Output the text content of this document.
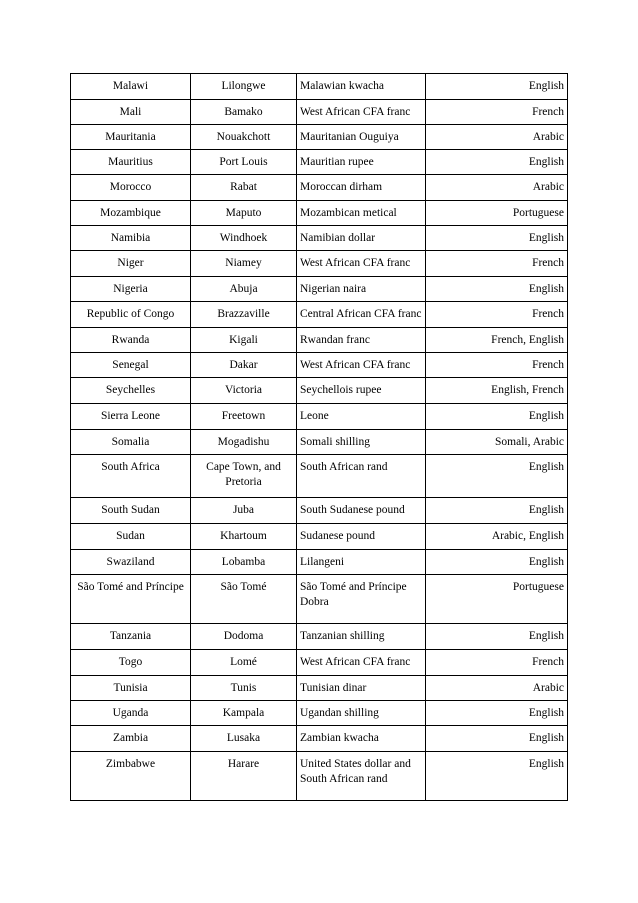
Malawi	Lilongwe	Malawian kwacha	English
Mali	Bamako	West African CFA franc	French
Mauritania	Nouakchott	Mauritanian Ouguiya	Arabic
Mauritius	Port Louis	Mauritian rupee	English
Morocco	Rabat	Moroccan dirham	Arabic
Mozambique	Maputo	Mozambican metical	Portuguese
Namibia	Windhoek	Namibian dollar	English
Niger	Niamey	West African CFA franc	French
Nigeria	Abuja	Nigerian naira	English
Republic of Congo	Brazzaville	Central African CFA franc	French
Rwanda	Kigali	Rwandan franc	French, English
Senegal	Dakar	West African CFA franc	French
Seychelles	Victoria	Seychellois rupee	English, French
Sierra Leone	Freetown	Leone	English
Somalia	Mogadishu	Somali shilling	Somali, Arabic
South Africa	Cape Town, and Pretoria	South African rand	English
South Sudan	Juba	South Sudanese pound	English
Sudan	Khartoum	Sudanese pound	Arabic, English
Swaziland	Lobamba	Lilangeni	English
São Tomé and Príncipe	São Tomé	São Tomé and Príncipe Dobra	Portuguese
Tanzania	Dodoma	Tanzanian shilling	English
Togo	Lomé	West African CFA franc	French
Tunisia	Tunis	Tunisian dinar	Arabic
Uganda	Kampala	Ugandan shilling	English
Zambia	Lusaka	Zambian kwacha	English
Zimbabwe	Harare	United States dollar and South African rand	English
